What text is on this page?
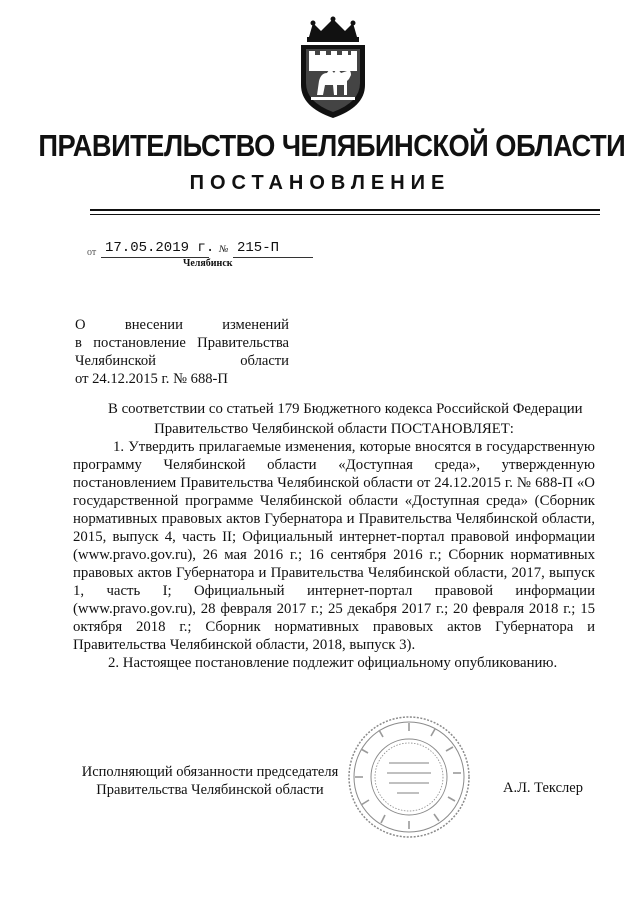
ПРАВИТЕЛЬСТВО ЧЕЛЯБИНСКОЙ ОБЛАСТИ
ПОСТАНОВЛЕНИЕ
от 17.05.2019 г. № 215-П
Челябинск
О внесении изменений
в постановление Правительства
Челябинской области
от 24.12.2015 г. № 688-П

В соответствии со статьей 179 Бюджетного кодекса Российской Федерации

Правительство Челябинской области ПОСТАНОВЛЯЕТ:

1. Утвердить прилагаемые изменения, которые вносятся в государственную программу Челябинской области «Доступная среда», утвержденную постановлением Правительства Челябинской области от 24.12.2015 г. № 688-П «О государственной программе Челябинской области «Доступная среда» (Сборник нормативных правовых актов Губернатора и Правительства Челябинской области, 2015, выпуск 4, часть II; Официальный интернет-портал правовой информации (www.pravo.gov.ru), 26 мая 2016 г.; 16 сентября 2016 г.; Сборник нормативных правовых актов Губернатора и Правительства Челябинской области, 2017, выпуск 1, часть I; Официальный интернет-портал правовой информации (www.pravo.gov.ru), 28 февраля 2017 г.; 25 декабря 2017 г.; 20 февраля 2018 г.; 15 октября 2018 г.; Сборник нормативных правовых актов Губернатора и Правительства Челябинской области, 2018, выпуск 3).

2. Настоящее постановление подлежит официальному опубликованию.

Исполняющий обязанности председателя
Правительства Челябинской области	А.Л. Текслер
